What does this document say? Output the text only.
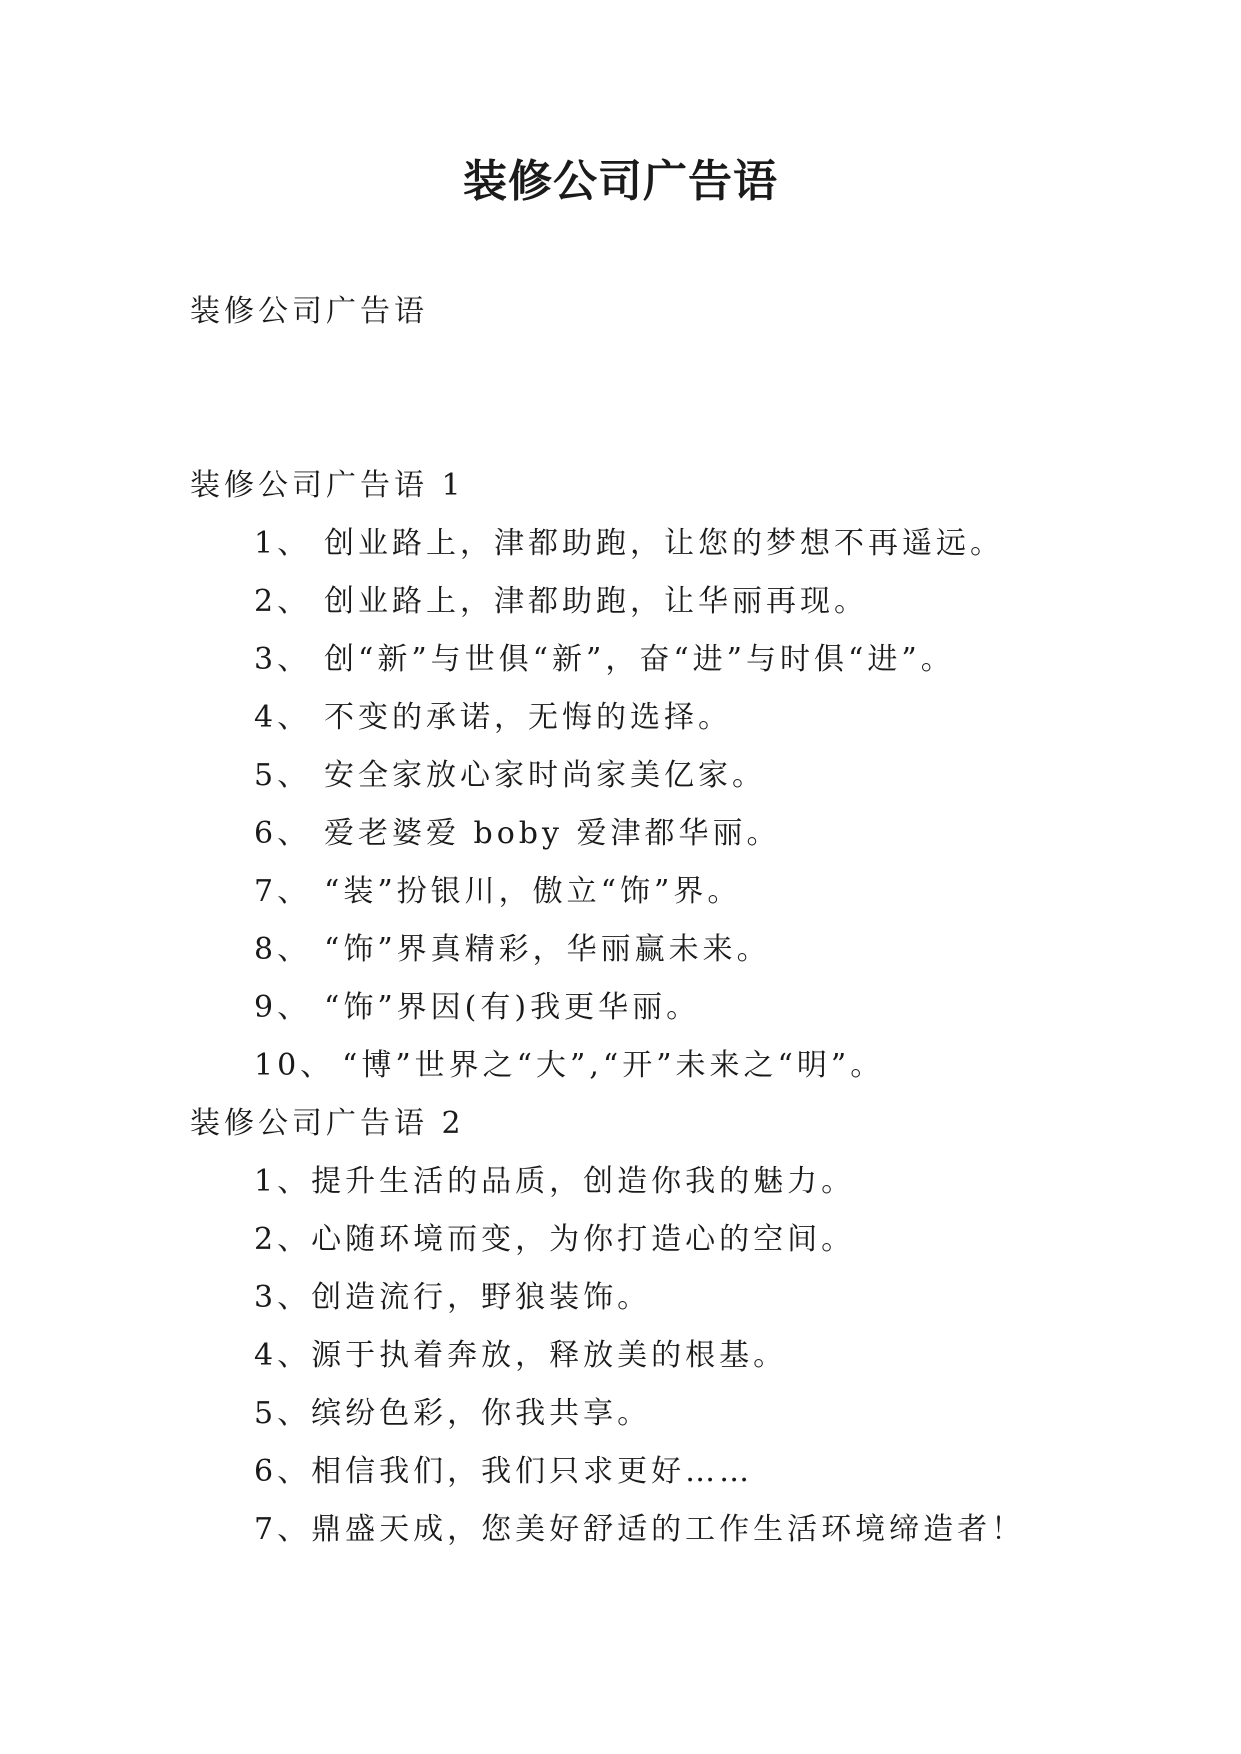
装修公司广告语
装修公司广告语
装修公司广告语 1
1、 创业路上，津都助跑，让您的梦想不再遥远。
2、 创业路上，津都助跑，让华丽再现。
3、 创“新”与世俱“新”，奋“进”与时俱“进”。
4、 不变的承诺，无悔的选择。
5、 安全家放心家时尚家美亿家。
6、 爱老婆爱 boby 爱津都华丽。
7、 “装”扮银川，傲立“饰”界。
8、 “饰”界真精彩，华丽赢未来。
9、 “饰”界因(有)我更华丽。
10、 “博”世界之“大”,“开”未来之“明”。
装修公司广告语 2
1、提升生活的品质，创造你我的魅力。
2、心随环境而变，为你打造心的空间。
3、创造流行，野狼装饰。
4、源于执着奔放，释放美的根基。
5、缤纷色彩，你我共享。
6、相信我们，我们只求更好……
7、鼎盛天成，您美好舒适的工作生活环境缔造者！
